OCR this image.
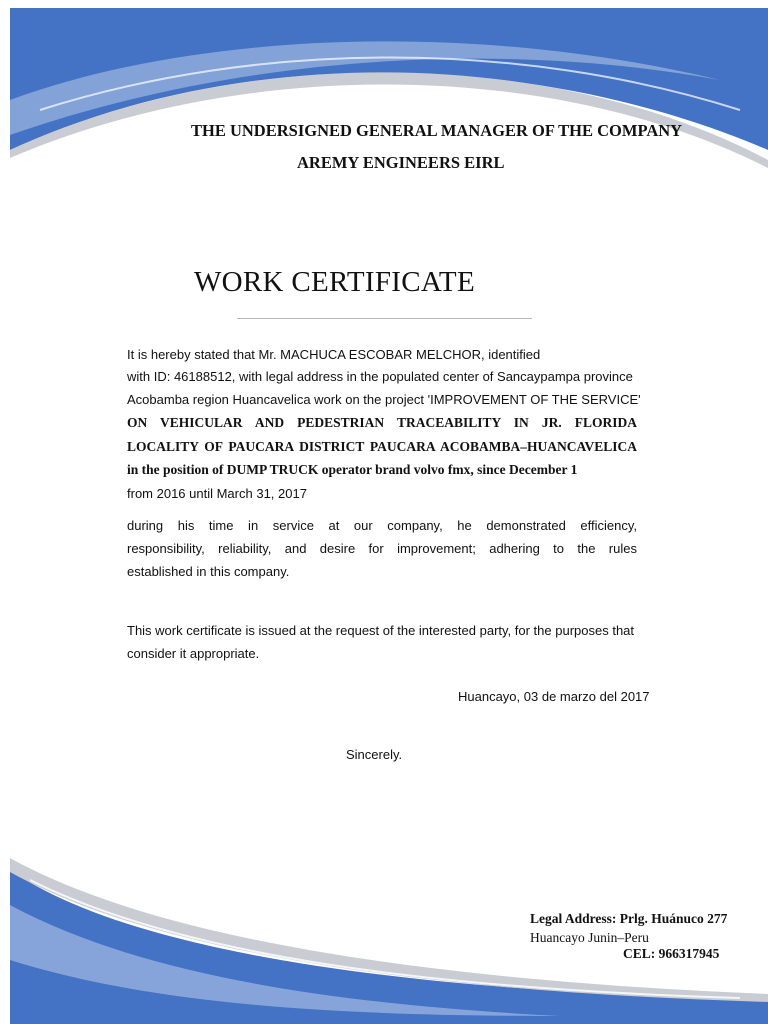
THE UNDERSIGNED GENERAL MANAGER OF THE COMPANY

AREMY ENGINEERS EIRL

WORK CERTIFICATE

It is hereby stated that Mr. MACHUCA ESCOBAR MELCHOR, identified

with ID: 46188512, with legal address in the populated center of Sancaypampa province

Acobamba region Huancavelica work on the project 'IMPROVEMENT OF THE SERVICE'

ON VEHICULAR AND PEDESTRIAN TRACEABILITY IN JR. FLORIDA

LOCALITY OF PAUCARA DISTRICT PAUCARA ACOBAMBA–HUANCAVELICA

in the position of DUMP TRUCK operator brand volvo fmx, since December 1

from 2016 until March 31, 2017

during his time in service at our company, he demonstrated efficiency,

responsibility, reliability, and desire for improvement; adhering to the rules

established in this company.

This work certificate is issued at the request of the interested party, for the purposes that

consider it appropriate.

Huancayo, 03 de marzo del 2017

Sincerely.

Legal Address: Prlg. Huánuco 277

Huancayo Junin–Peru

CEL: 966317945
